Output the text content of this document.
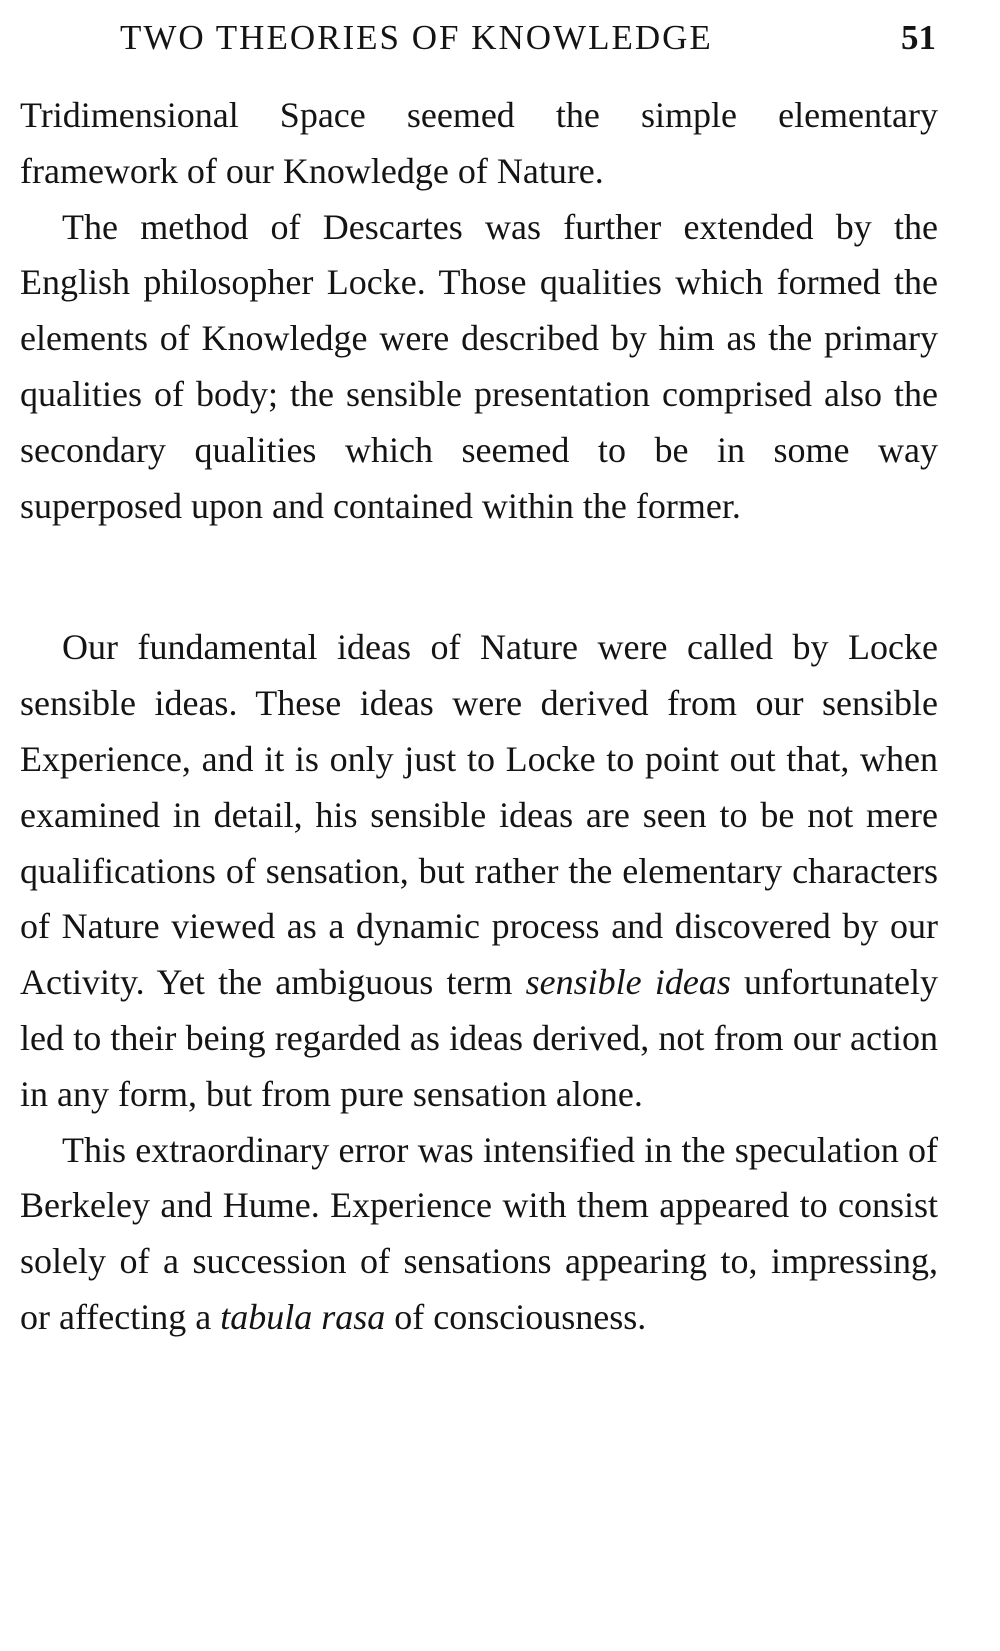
TWO THEORIES OF KNOWLEDGE	51

Tridimensional Space seemed the simple elementary framework of our Knowledge of Nature.

The method of Descartes was further extended by the English philosopher Locke. Those qualities which formed the elements of Knowledge were described by him as the primary qualities of body; the sensible presentation comprised also the secondary qualities which seemed to be in some way superposed upon and contained within the former.

Our fundamental ideas of Nature were called by Locke sensible ideas. These ideas were derived from our sensible Experience, and it is only just to Locke to point out that, when examined in detail, his sensible ideas are seen to be not mere qualifications of sensation, but rather the elementary characters of Nature viewed as a dynamic process and discovered by our Activity. Yet the ambiguous term sensible ideas unfortunately led to their being regarded as ideas derived, not from our action in any form, but from pure sensation alone.

This extraordinary error was intensified in the speculation of Berkeley and Hume. Experience with them appeared to consist solely of a succession of sensations appearing to, impressing, or affecting a tabula rasa of consciousness.
